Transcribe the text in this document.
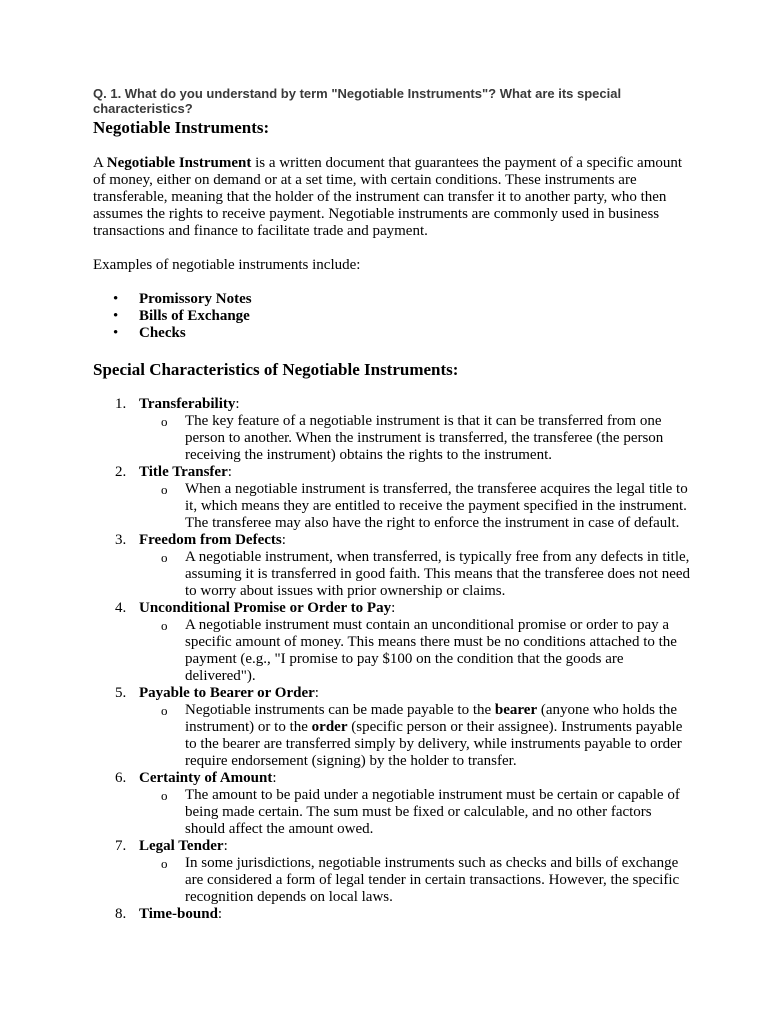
Q. 1. What do you understand by term "Negotiable Instruments"? What are its special characteristics?

Negotiable Instruments:

A Negotiable Instrument is a written document that guarantees the payment of a specific amount of money, either on demand or at a set time, with certain conditions. These instruments are transferable, meaning that the holder of the instrument can transfer it to another party, who then assumes the rights to receive payment. Negotiable instruments are commonly used in business transactions and finance to facilitate trade and payment.

Examples of negotiable instruments include:

• Promissory Notes
• Bills of Exchange
• Checks
Special Characteristics of Negotiable Instruments:
1. Transferability:

o The key feature of a negotiable instrument is that it can be transferred from one person to another. When the instrument is transferred, the transferee (the person receiving the instrument) obtains the rights to the instrument.

2. Title Transfer:

o When a negotiable instrument is transferred, the transferee acquires the legal title to it, which means they are entitled to receive the payment specified in the instrument. The transferee may also have the right to enforce the instrument in case of default.

3. Freedom from Defects:

o A negotiable instrument, when transferred, is typically free from any defects in title, assuming it is transferred in good faith. This means that the transferee does not need to worry about issues with prior ownership or claims.

4. Unconditional Promise or Order to Pay:

o A negotiable instrument must contain an unconditional promise or order to pay a specific amount of money. This means there must be no conditions attached to the payment (e.g., "I promise to pay $100 on the condition that the goods are delivered").

5. Payable to Bearer or Order:

o Negotiable instruments can be made payable to the bearer (anyone who holds the instrument) or to the order (specific person or their assignee). Instruments payable to the bearer are transferred simply by delivery, while instruments payable to order require endorsement (signing) by the holder to transfer.

6. Certainty of Amount:

o The amount to be paid under a negotiable instrument must be certain or capable of being made certain. The sum must be fixed or calculable, and no other factors should affect the amount owed.

7. Legal Tender:

o In some jurisdictions, negotiable instruments such as checks and bills of exchange are considered a form of legal tender in certain transactions. However, the specific recognition depends on local laws.

8. Time-bound:
